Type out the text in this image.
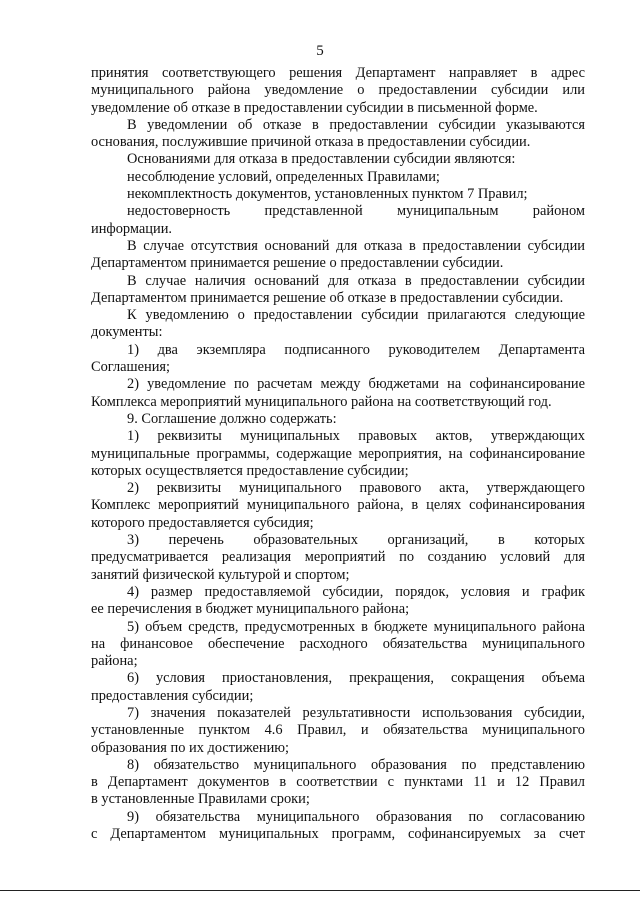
5
принятия соответствующего решения Департамент направляет в адрес
муниципального района уведомление о предоставлении субсидии или
уведомление об отказе в предоставлении субсидии в письменной форме.
В уведомлении об отказе в предоставлении субсидии указываются
основания, послужившие причиной отказа в предоставлении субсидии.
Основаниями для отказа в предоставлении субсидии являются:
несоблюдение условий, определенных Правилами;
некомплектность документов, установленных пунктом 7 Правил;
недостоверность представленной муниципальным районом
информации.
В случае отсутствия оснований для отказа в предоставлении субсидии
Департаментом принимается решение о предоставлении субсидии.
В случае наличия оснований для отказа в предоставлении субсидии
Департаментом принимается решение об отказе в предоставлении субсидии.
К уведомлению о предоставлении субсидии прилагаются следующие
документы:
1) два экземпляра подписанного руководителем Департамента
Соглашения;
2) уведомление по расчетам между бюджетами на софинансирование
Комплекса мероприятий муниципального района на соответствующий год.
9. Соглашение должно содержать:
1) реквизиты муниципальных правовых актов, утверждающих
муниципальные программы, содержащие мероприятия, на софинансирование
которых осуществляется предоставление субсидии;
2) реквизиты муниципального правового акта, утверждающего
Комплекс мероприятий муниципального района, в целях софинансирования
которого предоставляется субсидия;
3) перечень образовательных организаций, в которых
предусматривается реализация мероприятий по созданию условий для
занятий физической культурой и спортом;
4) размер предоставляемой субсидии, порядок, условия и график
ее перечисления в бюджет муниципального района;
5) объем средств, предусмотренных в бюджете муниципального района
на финансовое обеспечение расходного обязательства муниципального
района;
6) условия приостановления, прекращения, сокращения объема
предоставления субсидии;
7) значения показателей результативности использования субсидии,
установленные пунктом 4.6 Правил, и обязательства муниципального
образования по их достижению;
8) обязательство муниципального образования по представлению
в Департамент документов в соответствии с пунктами 11 и 12 Правил
в установленные Правилами сроки;
9) обязательства муниципального образования по согласованию
с Департаментом муниципальных программ, софинансируемых за счет
